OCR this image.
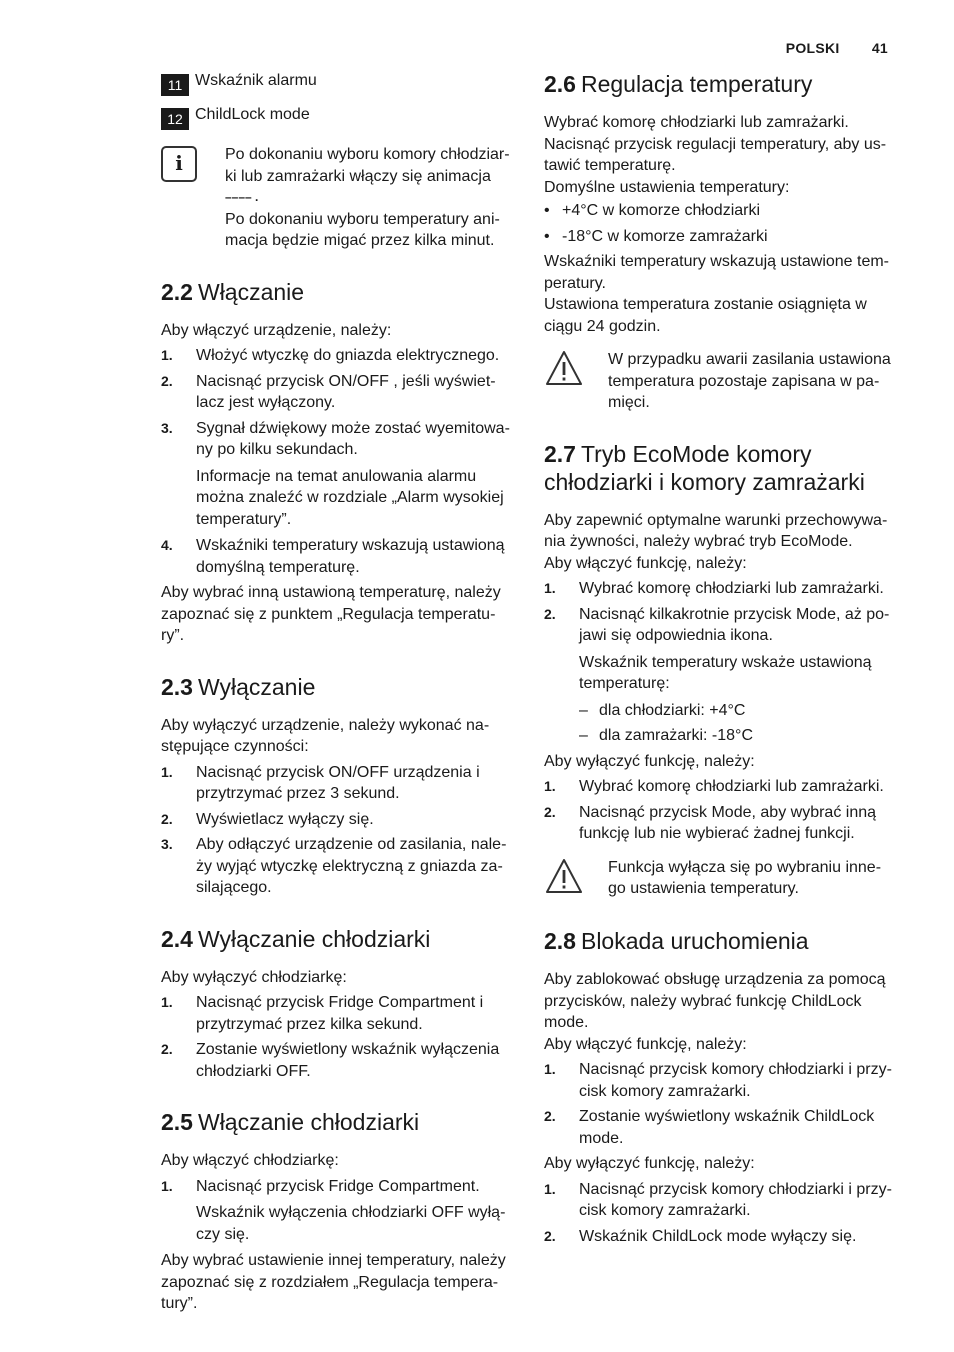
POLSKI 41
11 Wskaźnik alarmu
12 ChildLock mode
i	Po dokonaniu wyboru komory chłodziar-ki lub zamrażarki włączy się animacja

–––– .

Po dokonaniu wyboru temperatury ani-macja będzie migać przez kilka minut.

2.2 Włączanie

Aby włączyć urządzenie, należy:

1.	Włożyć wtyczkę do gniazda elektrycznego.
2.	Nacisnąć przycisk ON/OFF , jeśli wyświet-lacz jest wyłączony.
3.	Sygnał dźwiękowy może zostać wyemitowa-ny po kilku sekundach.

Informacje na temat anulowania alarmu można znaleźć w rozdziale „Alarm wysokiej temperatury”.

4.	Wskaźniki temperatury wskazują ustawioną domyślną temperaturę.

Aby wybrać inną ustawioną temperaturę, należy zapoznać się z punktem „Regulacja temperatu-ry”.

2.3 Wyłączanie

Aby wyłączyć urządzenie, należy wykonać na-stępujące czynności:

1.	Nacisnąć przycisk ON/OFF urządzenia i przytrzymać przez 3 sekund.
2.	Wyświetlacz wyłączy się.
3.	Aby odłączyć urządzenie od zasilania, nale-ży wyjąć wtyczkę elektryczną z gniazda za-silającego.
2.4 Wyłączanie chłodziarki

Aby wyłączyć chłodziarkę:

1.	Nacisnąć przycisk Fridge Compartment i przytrzymać przez kilka sekund.
2.	Zostanie wyświetlony wskaźnik wyłączenia chłodziarki OFF.
2.5 Włączanie chłodziarki

Aby włączyć chłodziarkę:

1.	Nacisnąć przycisk Fridge Compartment.

Wskaźnik wyłączenia chłodziarki OFF wyłą-czy się.

Aby wybrać ustawienie innej temperatury, należy zapoznać się z rozdziałem „Regulacja tempera-tury”.

2.6 Regulacja temperatury

Wybrać komorę chłodziarki lub zamrażarki. Nacisnąć przycisk regulacji temperatury, aby us-tawić temperaturę.

Domyślne ustawienia temperatury:

• +4°C w komorze chłodziarki
• -18°C w komorze zamrażarki

Wskaźniki temperatury wskazują ustawione tem-peratury.

Ustawiona temperatura zostanie osiągnięta w ciągu 24 godzin.

W przypadku awarii zasilania ustawiona temperatura pozostaje zapisana w pa-mięci.
2.7 Tryb EcoMode komory chłodziarki i komory zamrażarki

Aby zapewnić optymalne warunki przechowywa-nia żywności, należy wybrać tryb EcoMode.

Aby włączyć funkcję, należy:

1.	Wybrać komorę chłodziarki lub zamrażarki.
2.	Nacisnąć kilkakrotnie przycisk Mode, aż po-jawi się odpowiednia ikona.

Wskaźnik temperatury wskaże ustawioną temperaturę:

– dla chłodziarki: +4°C
– dla zamrażarki: -18°C

Aby wyłączyć funkcję, należy:

1.	Wybrać komorę chłodziarki lub zamrażarki.
2.	Nacisnąć przycisk Mode, aby wybrać inną funkcję lub nie wybierać żadnej funkcji.
Funkcja wyłącza się po wybraniu inne-go ustawienia temperatury.
2.8 Blokada uruchomienia

Aby zablokować obsługę urządzenia za pomocą przycisków, należy wybrać funkcję ChildLock mode.

Aby włączyć funkcję, należy:

1.	Nacisnąć przycisk komory chłodziarki i przy-cisk komory zamrażarki.
2.	Zostanie wyświetlony wskaźnik ChildLock mode.

Aby wyłączyć funkcję, należy:

1.	Nacisnąć przycisk komory chłodziarki i przy-cisk komory zamrażarki.
2.	Wskaźnik ChildLock mode wyłączy się.
